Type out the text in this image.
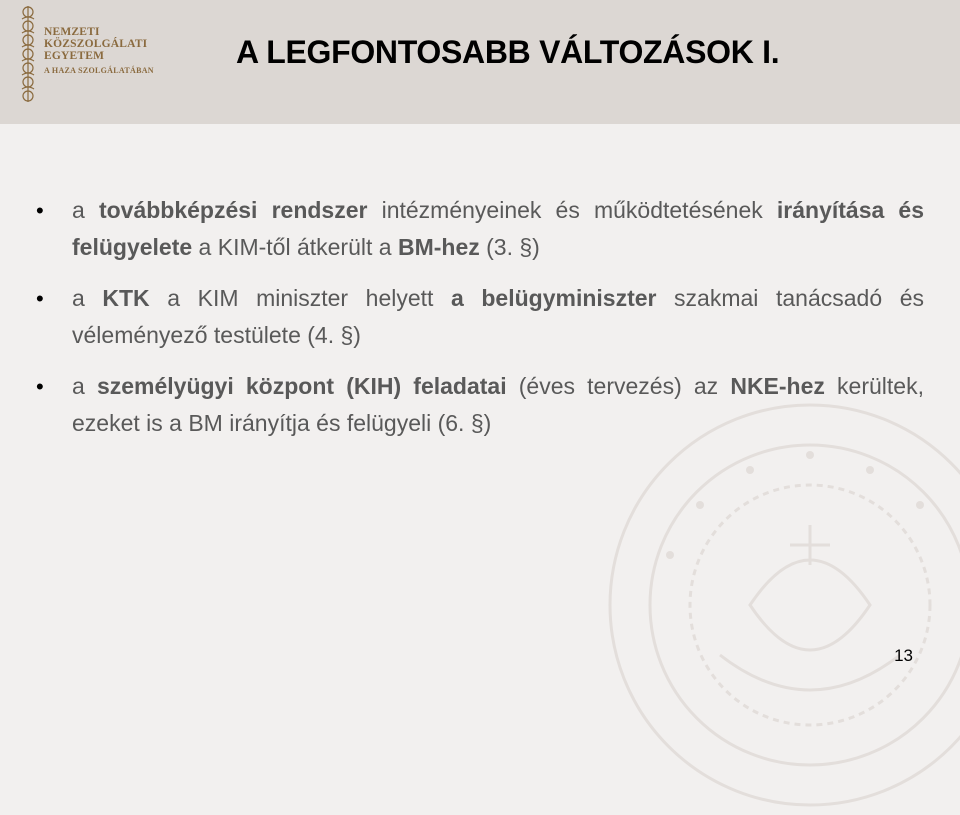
NEMZETI
KÖZSZOLGÁLATI
EGYETEM
A HAZA SZOLGÁLATÁBAN
A LEGFONTOSABB VÁLTOZÁSOK I.
• a továbbképzési rendszer intézményeinek és működtetésének irányítása és felügyelete a KIM-től átkerült a BM-hez (3. §)
• a KTK a KIM miniszter helyett a belügyminiszter szakmai tanácsadó és véleményező testülete (4. §)
• a személyügyi központ (KIH) feladatai (éves tervezés) az NKE-hez kerültek, ezeket is a BM irányítja és felügyeli (6. §)
13
